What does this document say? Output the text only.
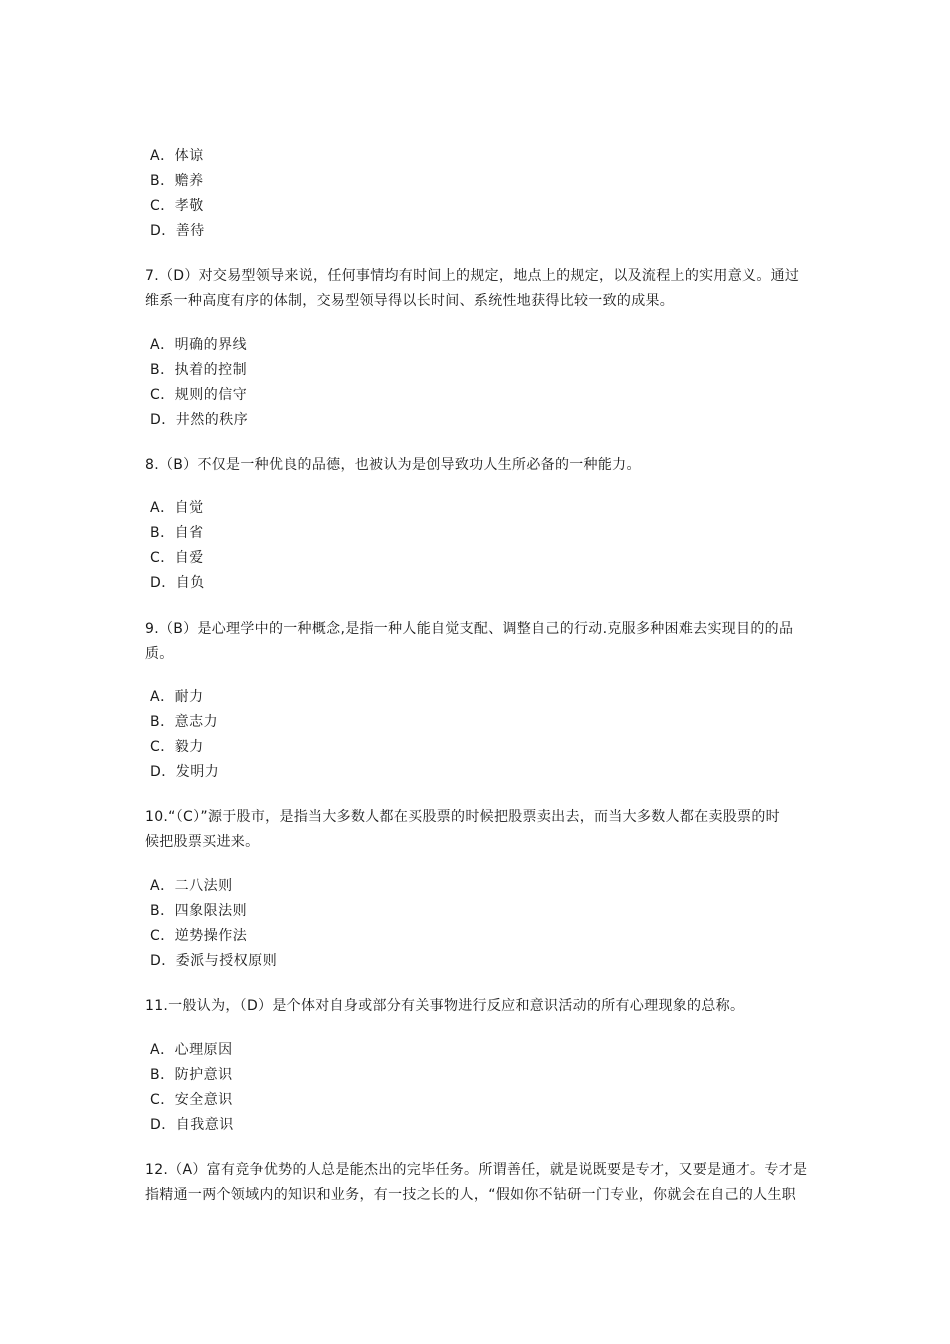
A．体谅
B．赡养
C．孝敬
D．善待
7.（D）对交易型领导来说，任何事情均有时间上的规定，地点上的规定，以及流程上的实用意义。通过
维系一种高度有序的体制，交易型领导得以长时间、系统性地获得比较一致的成果。
A．明确的界线
B．执着的控制
C．规则的信守
D．井然的秩序
8.（B）不仅是一种优良的品德，也被认为是创导致功人生所必备的一种能力。
A．自觉
B．自省
C．自爱
D．自负
9.（B）是心理学中的一种概念,是指一种人能自觉支配、调整自己的行动.克服多种困难去实现目的的品
质。
A．耐力
B．意志力
C．毅力
D．发明力
10.“（C）”源于股市，是指当大多数人都在买股票的时候把股票卖出去，而当大多数人都在卖股票的时
候把股票买进来。
A．二八法则
B．四象限法则
C．逆势操作法
D．委派与授权原则
11.一般认为，（D）是个体对自身或部分有关事物进行反应和意识活动的所有心理现象的总称。
A．心理原因
B．防护意识
C．安全意识
D．自我意识
12.（A）富有竞争优势的人总是能杰出的完毕任务。所谓善任，就是说既要是专才，又要是通才。专才是
指精通一两个领域内的知识和业务，有一技之长的人，“假如你不钻研一门专业，你就会在自己的人生职
